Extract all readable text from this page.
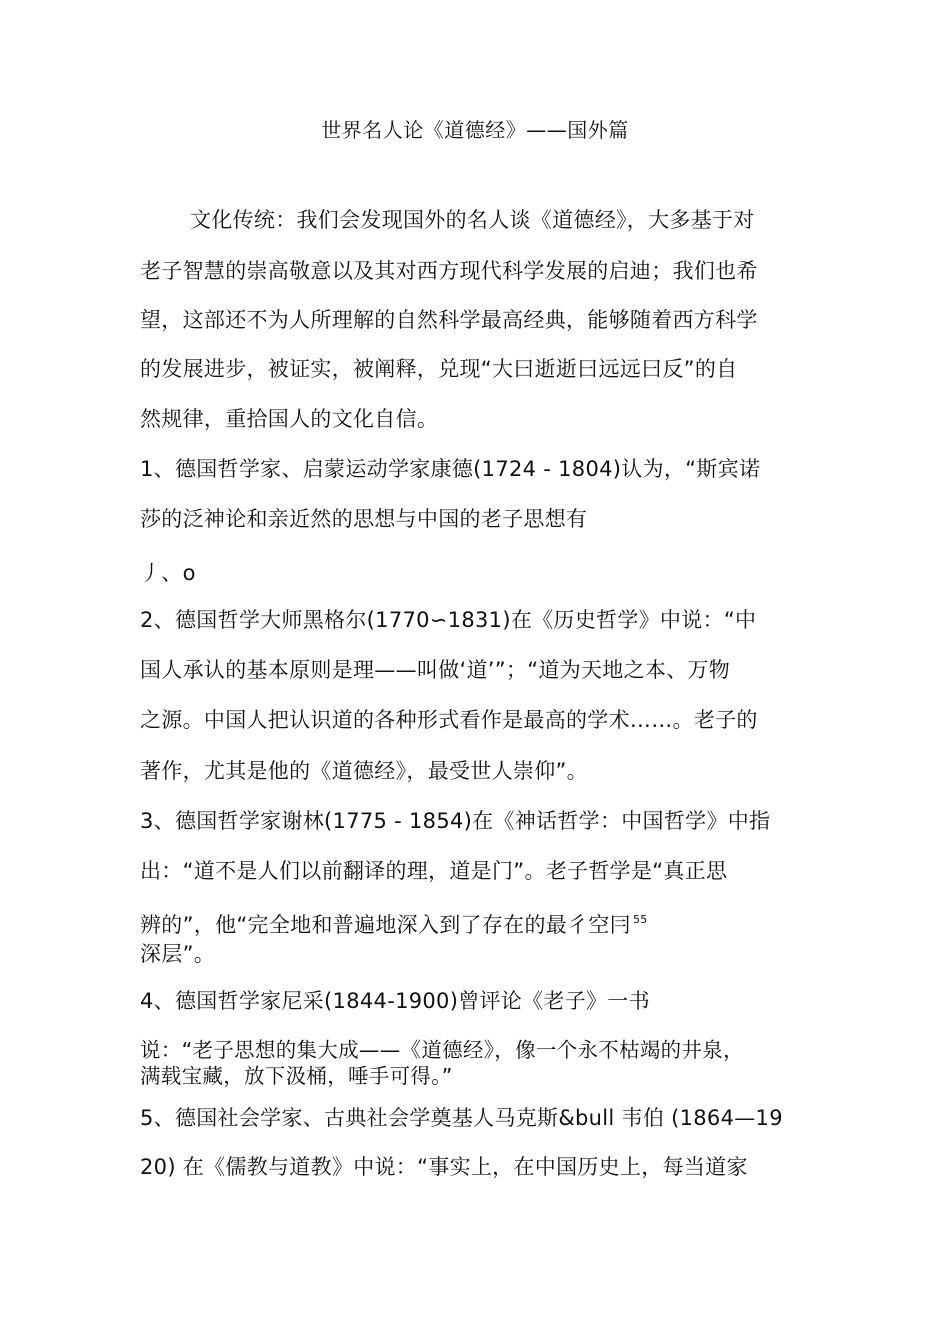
世界名人论《道德经》——国外篇
文化传统：我们会发现国外的名人谈《道德经》，大多基于对
老子智慧的崇高敬意以及其对西方现代科学发展的启迪；我们也希
望，这部还不为人所理解的自然科学最高经典，能够随着西方科学
的发展进步，被证实，被阐释，兑现“大曰逝逝曰远远曰反”的自
然规律，重拾国人的文化自信。
1、德国哲学家、启蒙运动学家康德(1724 - 1804)认为，“斯宾诺
莎的泛神论和亲近然的思想与中国的老子思想有
丿、o
2、德国哲学大师黑格尔(1770∽1831)在《历史哲学》中说：“中
国人承认的基本原则是理——叫做‘道’”；“道为天地之本、万物
之源。中国人把认识道的各种形式看作是最高的学术……。老子的
著作，尤其是他的《道德经》，最受世人崇仰”。
3、德国哲学家谢林(1775 - 1854)在《神话哲学：中国哲学》中指
出：“道不是人们以前翻译的理，道是门”。老子哲学是“真正思
辨的”，他“完全地和普遍地深入到了存在的最彳空冃 $^{55}$
深层”。
4、德国哲学家尼采(1844-1900)曾评论《老子》一书
说：“老子思想的集大成——《道德经》，像一个永不枯竭的井泉，
满载宝藏，放下汲桶，唾手可得。”
5、德国社会学家、古典社会学奠基人马克斯&bull 韦伯 (1864—19
20) 在《儒教与道教》中说：“事实上，在中国历史上，每当道家
